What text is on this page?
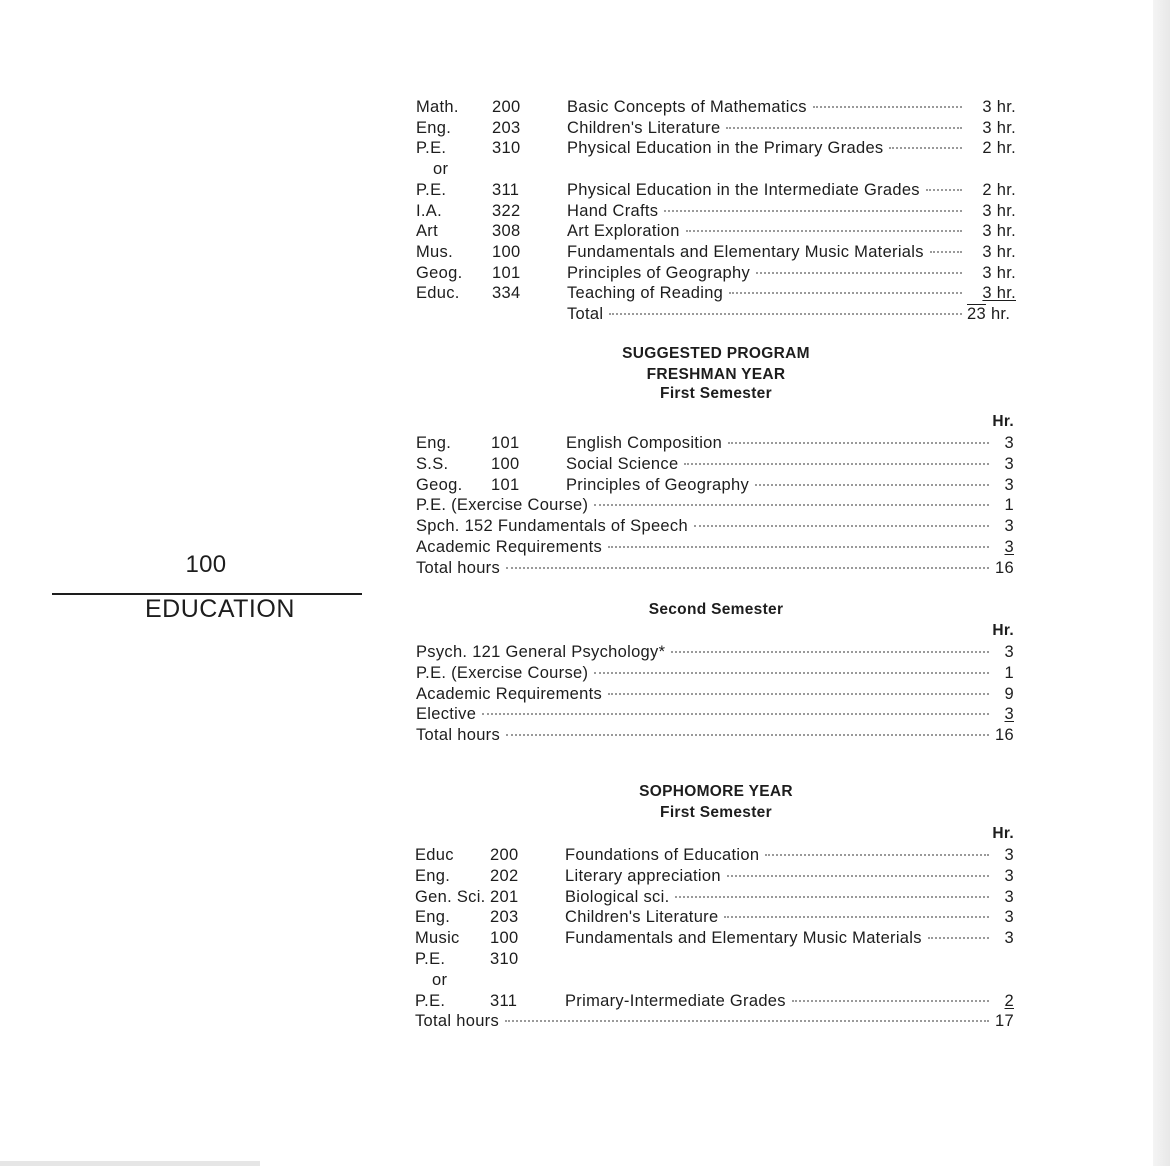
100
EDUCATION
Math. 200	Basic Concepts of Mathematics	3 hr.
Eng. 203	Children's Literature	3 hr.
P.E.	310	Physical Education in the Primary Grades	2 hr.
or
P.E.	311	Physical Education in the Intermediate Grades	2 hr.
I.A.	322	Hand Crafts	3 hr.
Art	308	Art Exploration	3 hr.
Mus. 100	Fundamentals and Elementary Music Materials	3 hr.
Geog. 101	Principles of Geography	3 hr.
Educ. 334	Teaching of Reading	3 hr.
Total	23 hr.
Eng. 101	English Composition	3
S.S.	100	Social Science	3
Geog. 101	Principles of Geography	3
P.E. (Exercise Course)	1
Spch. 152 Fundamentals of Speech	3
Academic Requirements	3
Total hours	16
Psych. 121 General Psychology*	3
P.E. (Exercise Course)	1
Academic Requirements	9
Elective	3
Total hours	16
Educ 200	Foundations of Education	3
Eng. 202	Literary appreciation	3
Gen. Sci. 201	Biological sci.	3
Eng. 203	Children's Literature	3
Music 100	Fundamentals and Elementary Music Materials	3
P.E.	310
or
P.E.	311	Primary-Intermediate Grades	2
Total hours	17
SUGGESTED PROGRAM
FRESHMAN YEAR
First Semester
Hr.
Second Semester
Hr.
SOPHOMORE YEAR
First Semester
Hr.
